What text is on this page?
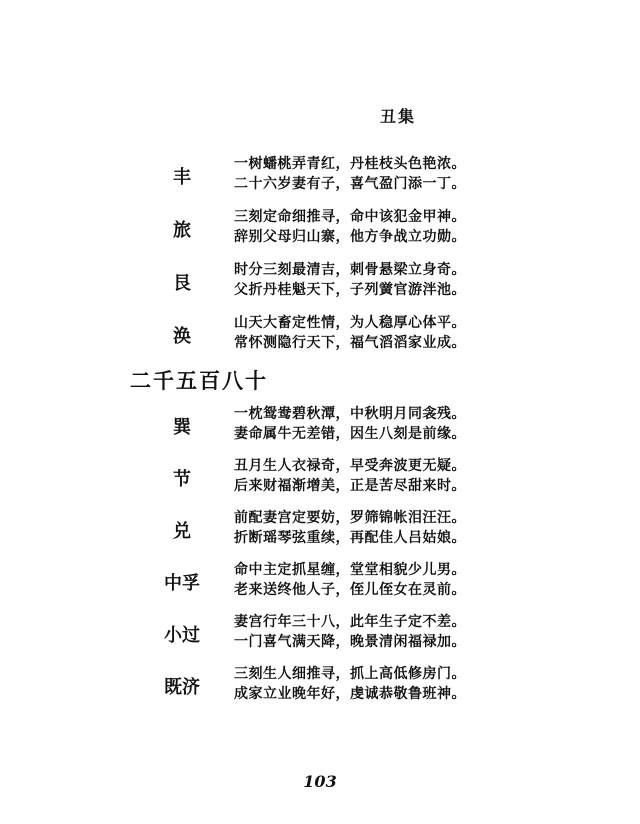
丑集
丰
一树蟠桃弄青红，丹桂枝头色艳浓。
二十六岁妻有子，喜气盈门添一丁。
旅
三刻定命细推寻，命中该犯金甲神。
辞别父母归山寨，他方争战立功勋。
艮
时分三刻最清吉，刺骨悬梁立身奇。
父折丹桂魁天下，子列黉官游泮池。
涣
山天大畜定性情，为人稳厚心体平。
常怀测隐行天下，福气滔滔家业成。
二千五百八十
巽
一枕鸳鸯碧秋潭，中秋明月同衾残。
妻命属牛无差错，因生八刻是前缘。
节
丑月生人衣禄奇，早受奔波更无疑。
后来财福渐增美，正是苦尽甜来时。
兑
前配妻宫定要妨，罗筛锦帐泪汪汪。
折断瑶琴弦重续，再配佳人吕姑娘。
中孚
命中主定抓星缠，堂堂相貌少儿男。
老来送终他人子，侄儿侄女在灵前。
小过
妻宫行年三十八，此年生子定不差。
一门喜气满天降，晚景清闲福禄加。
既济
三刻生人细推寻，抓上高低修房门。
成家立业晚年好，虔诚恭敬鲁班神。
103
